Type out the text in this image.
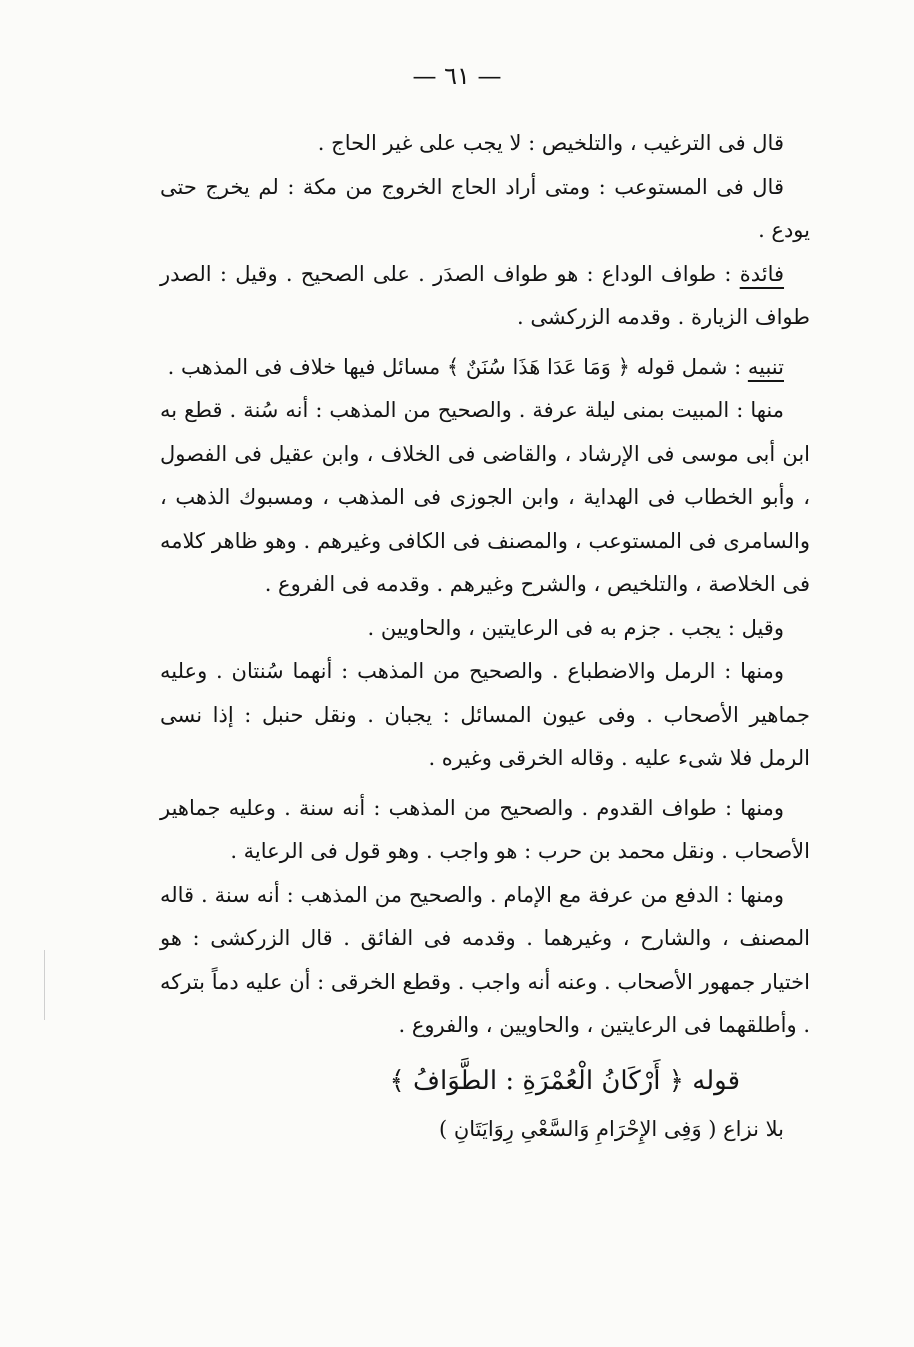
— ٦١ —

قال فى الترغيب ، والتلخيص : لا يجب على غير الحاج .

قال فى المستوعب : ومتى أراد الحاج الخروج من مكة : لم يخرج حتى يودع .

فائدة : طواف الوداع : هو طواف الصدَر . على الصحيح . وقيل : الصدر طواف الزيارة . وقدمه الزركشى .

تنبيه : شمل قوله ﴿ وَمَا عَدَا هَذَا سُنَنٌ ﴾ مسائل فيها خلاف فى المذهب .

منها : المبيت بمنى ليلة عرفة . والصحيح من المذهب : أنه سُنة . قطع به ابن أبى موسى فى الإرشاد ، والقاضى فى الخلاف ، وابن عقيل فى الفصول ، وأبو الخطاب فى الهداية ، وابن الجوزى فى المذهب ، ومسبوك الذهب ، والسامرى فى المستوعب ، والمصنف فى الكافى وغيرهم . وهو ظاهر كلامه فى الخلاصة ، والتلخيص ، والشرح وغيرهم . وقدمه فى الفروع .

وقيل : يجب . جزم به فى الرعايتين ، والحاويين .

ومنها : الرمل والاضطباع . والصحيح من المذهب : أنهما سُنتان . وعليه جماهير الأصحاب . وفى عيون المسائل : يجبان . ونقل حنبل : إذا نسى الرمل فلا شىء عليه . وقاله الخرقى وغيره .

ومنها : طواف القدوم . والصحيح من المذهب : أنه سنة . وعليه جماهير الأصحاب . ونقل محمد بن حرب : هو واجب . وهو قول فى الرعاية .

ومنها : الدفع من عرفة مع الإمام . والصحيح من المذهب : أنه سنة . قاله المصنف ، والشارح ، وغيرهما . وقدمه فى الفائق . قال الزركشى : هو اختيار جمهور الأصحاب . وعنه أنه واجب . وقطع الخرقى : أن عليه دماً بتركه . وأطلقهما فى الرعايتين ، والحاويين ، والفروع .

قوله ﴿ أَرْكَانُ الْعُمْرَةِ : الطَّوَافُ ﴾

بلا نزاع ( وَفِى الإِحْرَامِ وَالسَّعْىِ رِوَايَتَانِ )
